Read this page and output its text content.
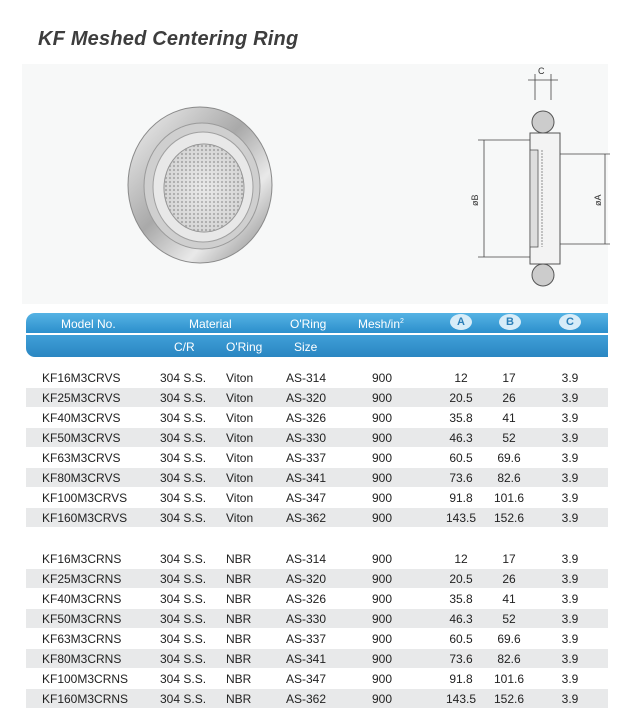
KF Meshed Centering Ring
C
øB	øA
Model No.	Material	O'Ring	Mesh/$in^2$	A	B	C
C/R	O'Ring	Size
KF16M3CRVS	304 S.S. Viton	AS-314	900	12	17	3.9
KF25M3CRVS	304 S.S. Viton	AS-320	900	20.5	26	3.9
KF40M3CRVS	304 S.S. Viton	AS-326	900	35.8	41	3.9
KF50M3CRVS	304 S.S. Viton	AS-330	900	46.3	52	3.9
KF63M3CRVS	304 S.S. Viton	AS-337	900	60.5	69.6	3.9
KF80M3CRVS	304 S.S. Viton	AS-341	900	73.6	82.6	3.9
KF100M3CRVS	304 S.S. Viton	AS-347	900	91.8	101.6	3.9
KF160M3CRVS	304 S.S. Viton	AS-362	900	143.5	152.6	3.9
KF16M3CRNS	304 S.S. NBR	AS-314	900	12	17	3.9
KF25M3CRNS	304 S.S. NBR	AS-320	900	20.5	26	3.9
KF40M3CRNS	304 S.S. NBR	AS-326	900	35.8	41	3.9
KF50M3CRNS	304 S.S. NBR	AS-330	900	46.3	52	3.9
KF63M3CRNS	304 S.S. NBR	AS-337	900	60.5	69.6	3.9
KF80M3CRNS	304 S.S. NBR	AS-341	900	73.6	82.6	3.9
KF100M3CRNS	304 S.S. NBR	AS-347	900	91.8	101.6	3.9
KF160M3CRNS	304 S.S. NBR	AS-362	900	143.5	152.6	3.9
